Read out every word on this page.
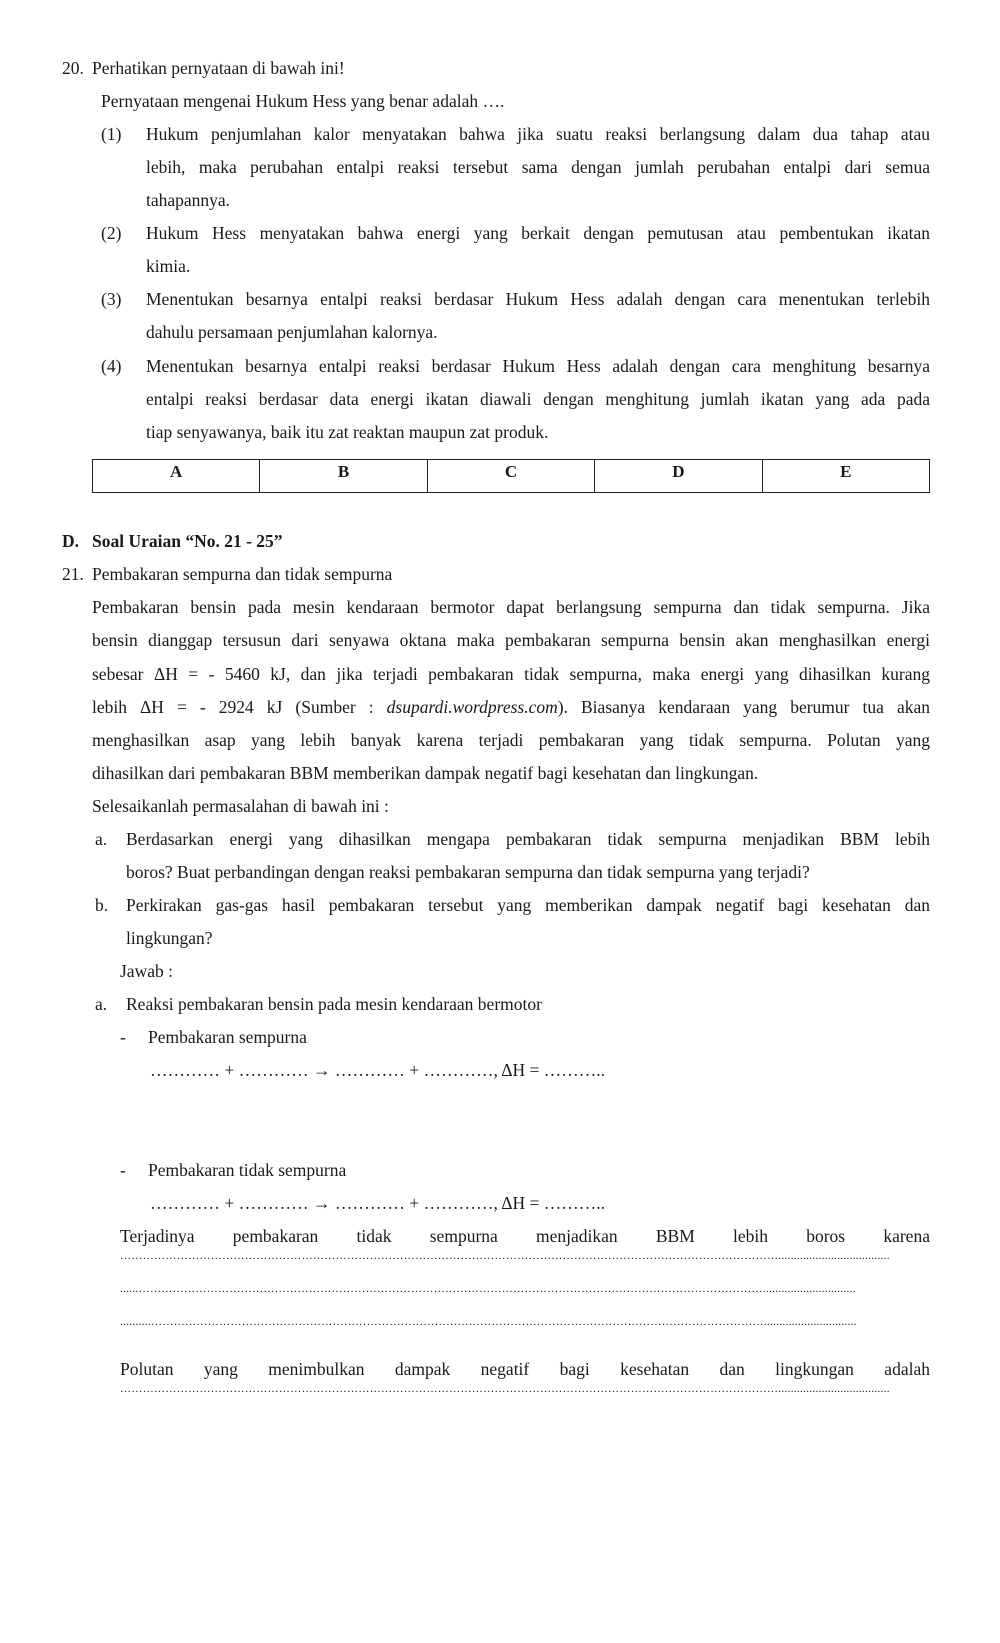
20. Perhatikan pernyataan di bawah ini!
Pernyataan mengenai Hukum Hess yang benar adalah ….
(1) Hukum penjumlahan kalor menyatakan bahwa jika suatu reaksi berlangsung dalam dua tahap atau
lebih, maka perubahan entalpi reaksi tersebut sama dengan jumlah perubahan entalpi dari semua
tahapannya.
(2) Hukum Hess menyatakan bahwa energi yang berkait dengan pemutusan atau pembentukan ikatan
kimia.
(3) Menentukan besarnya entalpi reaksi berdasar Hukum Hess adalah dengan cara menentukan terlebih
dahulu persamaan penjumlahan kalornya.
(4) Menentukan besarnya entalpi reaksi berdasar Hukum Hess adalah dengan cara menghitung besarnya
entalpi reaksi berdasar data energi ikatan diawali dengan menghitung jumlah ikatan yang ada pada
tiap senyawanya, baik itu zat reaktan maupun zat produk.
A	B	C	D	E
D. Soal Uraian “No. 21 - 25”
21. Pembakaran sempurna dan tidak sempurna
Pembakaran bensin pada mesin kendaraan bermotor dapat berlangsung sempurna dan tidak sempurna. Jika
bensin dianggap tersusun dari senyawa oktana maka pembakaran sempurna bensin akan menghasilkan energi
sebesar ΔH = - 5460 kJ, dan jika terjadi pembakaran tidak sempurna, maka energi yang dihasilkan kurang
lebih ΔH = - 2924 kJ (Sumber : dsupardi.wordpress.com). Biasanya kendaraan yang berumur tua akan
menghasilkan asap yang lebih banyak karena terjadi pembakaran yang tidak sempurna. Polutan yang
dihasilkan dari pembakaran BBM memberikan dampak negatif bagi kesehatan dan lingkungan.
Selesaikanlah permasalahan di bawah ini :
a. Berdasarkan energi yang dihasilkan mengapa pembakaran tidak sempurna menjadikan BBM lebih
boros? Buat perbandingan dengan reaksi pembakaran sempurna dan tidak sempurna yang terjadi?
b. Perkirakan gas-gas hasil pembakaran tersebut yang memberikan dampak negatif bagi kesehatan dan
lingkungan?
Jawab :
a. Reaksi pembakaran bensin pada mesin kendaraan bermotor
- Pembakaran sempurna
………… + ………… → ………… + …………, ΔH = ………..
- Pembakaran tidak sempurna
………… + ………… → ………… + …………, ΔH = ………..
Terjadinya pembakaran tidak sempurna menjadikan BBM lebih boros karena
…………………………………………………………………………………………………………………………………………………………....................................
......…………………………………………………………………………………………………………………………………………………..............................
..........………………………………………………………………………………………………………………………………………………..............................
Polutan yang menimbulkan dampak negatif bagi kesehatan dan lingkungan adalah
…………………………………………………………………………………………………………………………………………………………....................................
